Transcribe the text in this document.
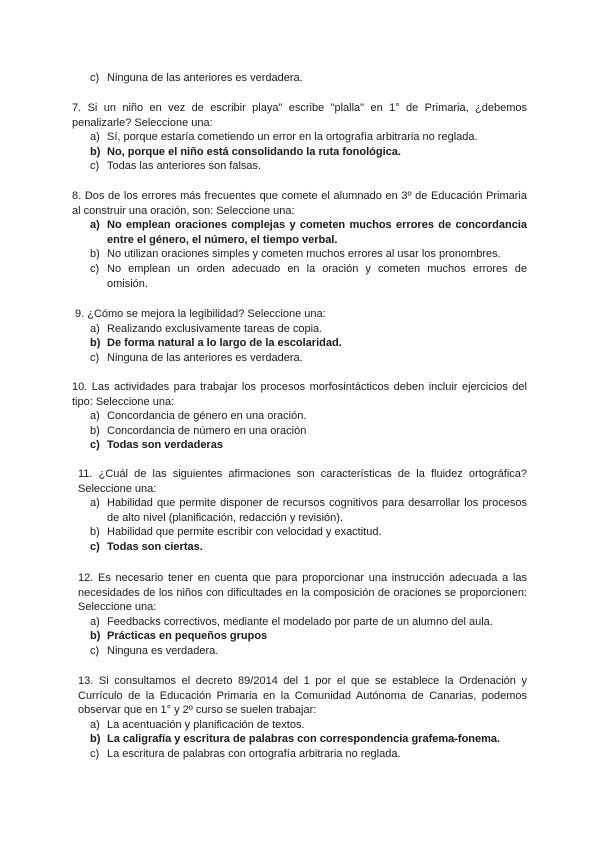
c) Ninguna de las anteriores es verdadera.
7. Si un niño en vez de escribir playa" escribe "plalla" en 1° de Primaria, ¿debemos
penalizarle? Seleccione una:
a) Sí, porque estaría cometiendo un error en la ortografía arbitraria no reglada.
b) No, porque el niño está consolidando la ruta fonológica.
c) Todas las anteriores son falsas.
8. Dos de los errores más frecuentes que comete el alumnado en 3º de Educación Primaria
al construir una oración, son: Seleccione una:
a) No emplean oraciones complejas y cometen muchos errores de concordancia
entre el género, el número, el tiempo verbal.
b) No utilizan oraciones simples y cometen muchos errores al usar los pronombres.
c) No emplean un orden adecuado en la oración y cometen muchos errores de
omisión.
9. ¿Cómo se mejora la legibilidad? Seleccione una:
a) Realizando exclusivamente tareas de copia.
b) De forma natural a lo largo de la escolaridad.
c) Ninguna de las anteriores es verdadera.
10. Las actividades para trabajar los procesos morfosintácticos deben incluir ejercicios del
tipo: Seleccione una:
a) Concordancia de género en una oración.
b) Concordancia de número en una oración
c) Todas son verdaderas
11. ¿Cuál de las siguientes afirmaciones son características de la fluidez ortográfica?
Seleccione una:
a) Habilidad que permite disponer de recursos cognitivos para desarrollar los procesos
de alto nivel (planificación, redacción y revisión).
b) Habilidad que permite escribir con velocidad y exactitud.
c) Todas son ciertas.
12. Es necesario tener en cuenta que para proporcionar una instrucción adecuada a las
necesidades de los niños con dificultades en la composición de oraciones se proporcionen:
Seleccione una:
a) Feedbacks correctivos, mediante el modelado por parte de un alumno del aula.
b) Prácticas en pequeños grupos
c) Ninguna es verdadera.
13. Si consultamos el decreto 89/2014 del 1 por el que se establece la Ordenación y
Currículo de la Educación Primaria en la Comunidad Autónoma de Canarias, podemos
observar que en 1° y 2º curso se suelen trabajar:
a) La acentuación y planificación de textos.
b) La caligrafía y escritura de palabras con correspondencia grafema-fonema.
c) La escritura de palabras con ortografía arbitraria no reglada.
